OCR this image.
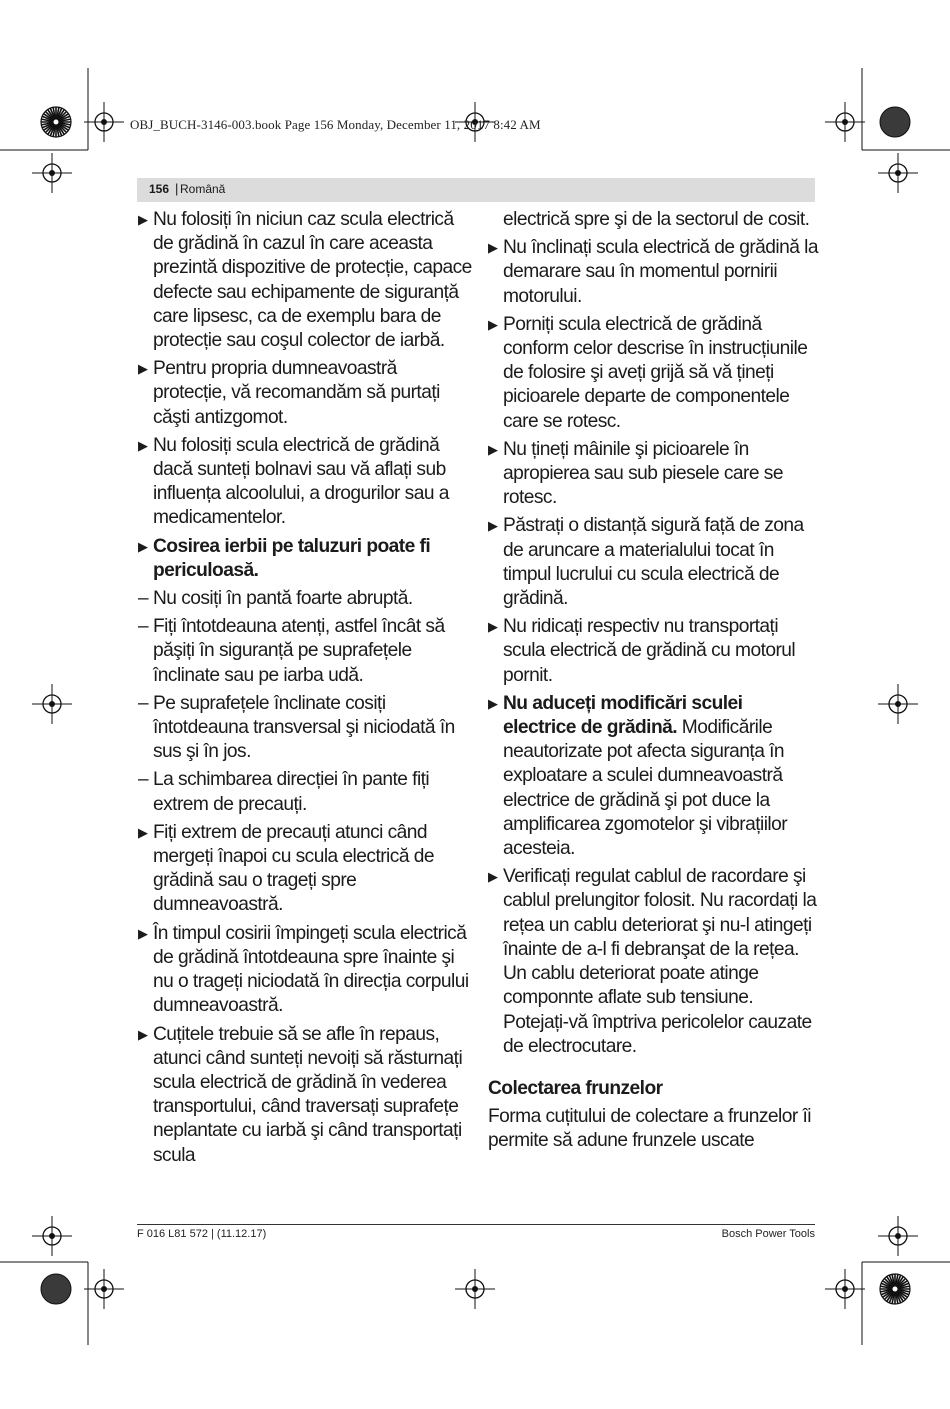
OBJ_BUCH-3146-003.book Page 156 Monday, December 11, 2017 8:42 AM
156 | Română
▶ Nu folosiți în niciun caz scula electrică de grădină în cazul în care aceasta prezintă dispozitive de protecție, capace defecte sau echipamente de siguranță care lipsesc, ca de exemplu bara de protecție sau coşul colector de iarbă.
▶ Pentru propria dumneavoastră protecție, vă recomandăm să purtați căşti antizgomot.
▶ Nu folosiți scula electrică de grădină dacă sunteți bolnavi sau vă aflați sub influența alcoolului, a drogurilor sau a medicamentelor.
▶ Cosirea ierbii pe taluzuri poate fi periculoasă.
– Nu cosiți în pantă foarte abruptă.
– Fiți întotdeauna atenți, astfel încât să păşiți în siguranță pe suprafețele înclinate sau pe iarba udă.
– Pe suprafețele înclinate cosiți întotdeauna transversal şi niciodată în sus şi în jos.
– La schimbarea direcției în pante fiți extrem de precauți.
▶ Fiți extrem de precauți atunci când mergeți înapoi cu scula electrică de grădină sau o trageți spre dumneavoastră.
▶ În timpul cosirii împingeți scula electrică de grădină întotdeauna spre înainte şi nu o trageți niciodată în direcția corpului dumneavoastră.
▶ Cuțitele trebuie să se afle în repaus, atunci când sunteți nevoiți să răsturnați scula electrică de grădină în vederea transportului, când traversați suprafețe neplantate cu iarbă şi când transportați scula
electrică spre şi de la sectorul de cosit.
▶ Nu înclinați scula electrică de grădină la demarare sau în momentul pornirii motorului.
▶ Porniți scula electrică de grădină conform celor descrise în instrucțiunile de folosire şi aveți grijă să vă țineți picioarele departe de componentele care se rotesc.
▶ Nu țineți mâinile şi picioarele în apropierea sau sub piesele care se rotesc.
▶ Păstrați o distanță sigură față de zona de aruncare a materialului tocat în timpul lucrului cu scula electrică de grădină.
▶ Nu ridicați respectiv nu transportați scula electrică de grădină cu motorul pornit.
▶ Nu aduceți modificări sculei electrice de grădină. Modificările neautorizate pot afecta siguranța în exploatare a sculei dumneavoastră electrice de grădină şi pot duce la amplificarea zgomotelor şi vibrațiilor acesteia.
▶ Verificați regulat cablul de racordare şi cablul prelungitor folosit. Nu racordați la rețea un cablu deteriorat şi nu-l atingeți înainte de a-l fi debranşat de la rețea. Un cablu deteriorat poate atinge componnte aflate sub tensiune. Potejați-vă împtriva pericolelor cauzate de electrocutare.
Colectarea frunzelor
Forma cuțitului de colectare a frunzelor îi permite să adune frunzele uscate
F 016 L81 572 | (11.12.17)	Bosch Power Tools
